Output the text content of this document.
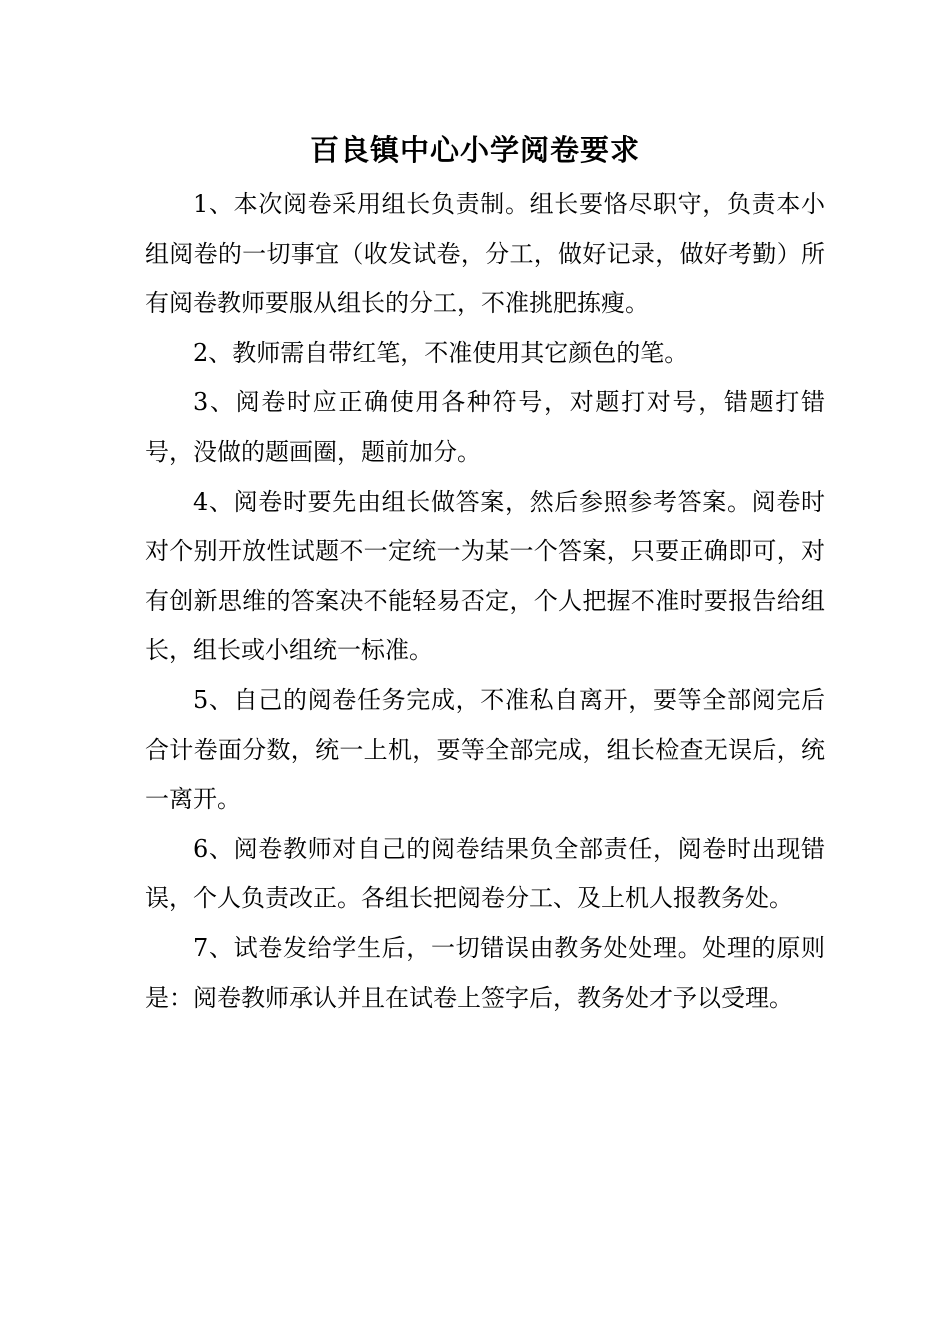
百良镇中心小学阅卷要求

1、本次阅卷采用组长负责制。组长要恪尽职守，负责本小组阅卷的一切事宜（收发试卷，分工，做好记录，做好考勤）所有阅卷教师要服从组长的分工，不准挑肥拣瘦。

2、教师需自带红笔，不准使用其它颜色的笔。

3、阅卷时应正确使用各种符号，对题打对号，错题打错号，没做的题画圈，题前加分。

4、阅卷时要先由组长做答案，然后参照参考答案。阅卷时对个别开放性试题不一定统一为某一个答案，只要正确即可，对有创新思维的答案决不能轻易否定，个人把握不准时要报告给组长，组长或小组统一标准。

5、自己的阅卷任务完成，不准私自离开，要等全部阅完后合计卷面分数，统一上机，要等全部完成，组长检查无误后，统一离开。

6、阅卷教师对自己的阅卷结果负全部责任，阅卷时出现错误，个人负责改正。各组长把阅卷分工、及上机人报教务处。

7、试卷发给学生后，一切错误由教务处处理。处理的原则是：阅卷教师承认并且在试卷上签字后，教务处才予以受理。
